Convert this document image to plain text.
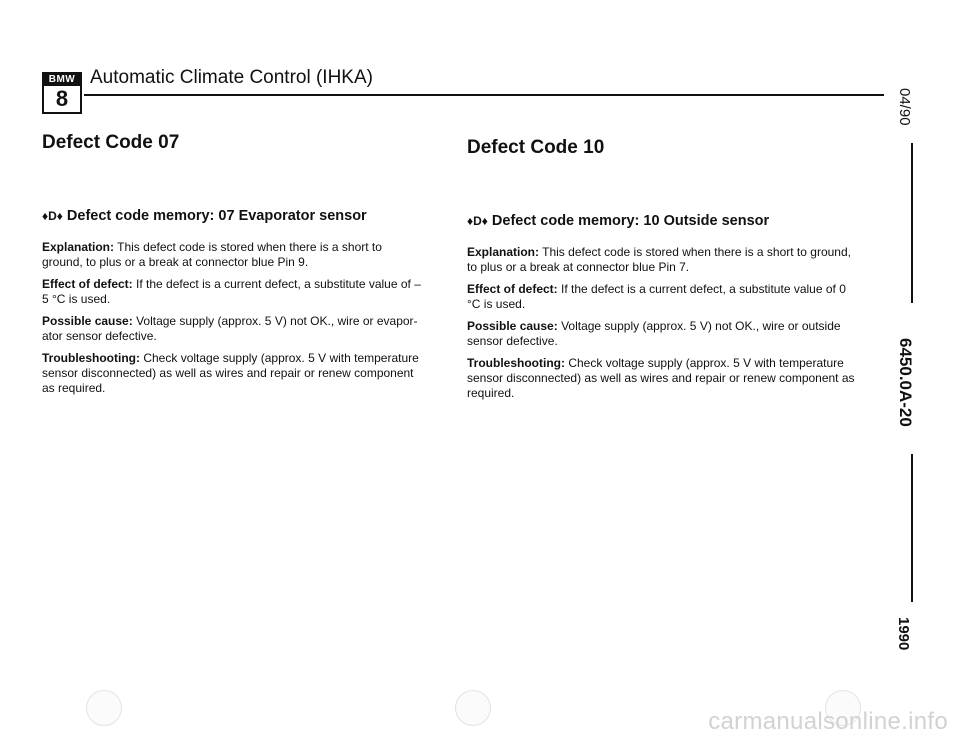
BMW
8
Automatic Climate Control (IHKA)
04/90
6450.0A-20
1990
Defect Code 07
♦D♦ Defect code memory: 07 Evaporator sensor

Explanation: This defect code is stored when there is a short to ground, to plus or a break at connector blue Pin 9.

Effect of defect: If the defect is a current defect, a substitute value of –5 °C is used.

Possible cause: Voltage supply (approx. 5 V) not OK., wire or evapor-ator sensor defective.

Troubleshooting: Check voltage supply (approx. 5 V with temperature sensor disconnected) as well as wires and repair or renew component as required.

Defect Code 10
♦D♦ Defect code memory: 10 Outside sensor

Explanation: This defect code is stored when there is a short to ground, to plus or a break at connector blue Pin 7.

Effect of defect: If the defect is a current defect, a substitute value of 0 °C is used.

Possible cause: Voltage supply (approx. 5 V) not OK., wire or outside sensor defective.

Troubleshooting: Check voltage supply (approx. 5 V with temperature sensor disconnected) as well as wires and repair or renew component as required.

carmanualsonline.info
